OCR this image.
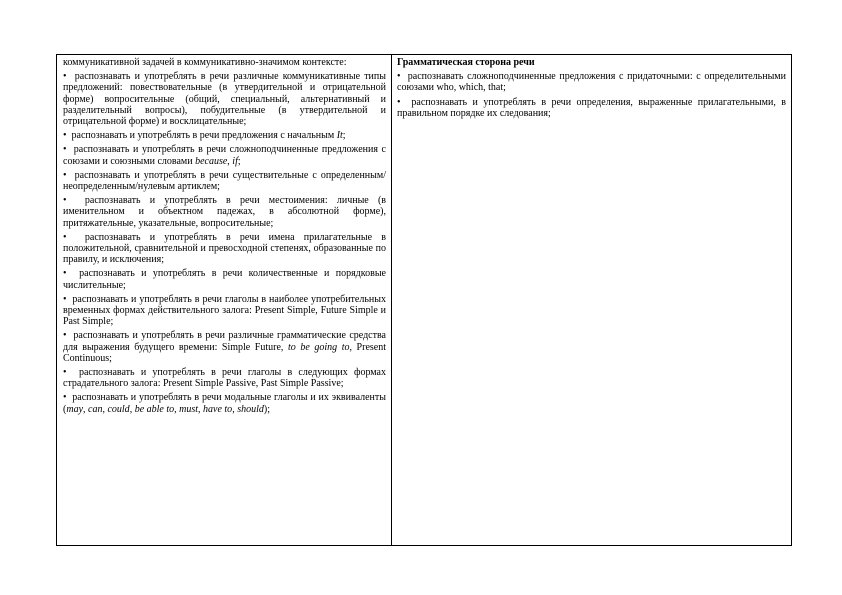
коммуникативной задачей в коммуникативно-значимом контексте:
•  распознавать и употреблять в речи различные коммуникативные типы предложений: повествовательные (в утвердительной и отрицательной форме) вопросительные (общий, специальный, альтернативный и разделительный вопросы), побудительные (в утвердительной и отрицательной форме) и восклицательные;
•  распознавать и употреблять в речи предложения с начальным It;
•  распознавать и употреблять в речи сложноподчиненные предложения с союзами и союзными словами because, if;
•  распознавать и употреблять в речи существительные с определенным/ неопределенным/нулевым артиклем;
•  распознавать и употреблять в речи местоимения: личные (в именительном и объектном падежах, в абсолютной форме), притяжательные, указательные, вопросительные;
•  распознавать и употреблять в речи имена прилагательные в положительной, сравнительной и превосходной степенях, образованные по правилу, и исключения;
•  распознавать и употреблять в речи количественные и порядковые числительные;
•  распознавать и употреблять в речи глаголы в наиболее употребительных временных формах действительного залога: Present Simple, Future Simple и Past Simple;
•  распознавать и употреблять в речи различные грамматические средства для выражения будущего времени: Simple Future, to be going to, Present Continuous;
•  распознавать и употреблять в речи глаголы в следующих формах страдательного залога: Present Simple Passive, Past Simple Passive;
•  распознавать и употреблять в речи модальные глаголы и их эквиваленты (may, can, could, be able to, must, have to, should);
Грамматическая сторона речи
•  распознавать сложноподчиненные предложения с придаточными: с определительными союзами who, which, that;
•  распознавать и употреблять в речи определения, выраженные прилагательными, в правильном порядке их следования;
